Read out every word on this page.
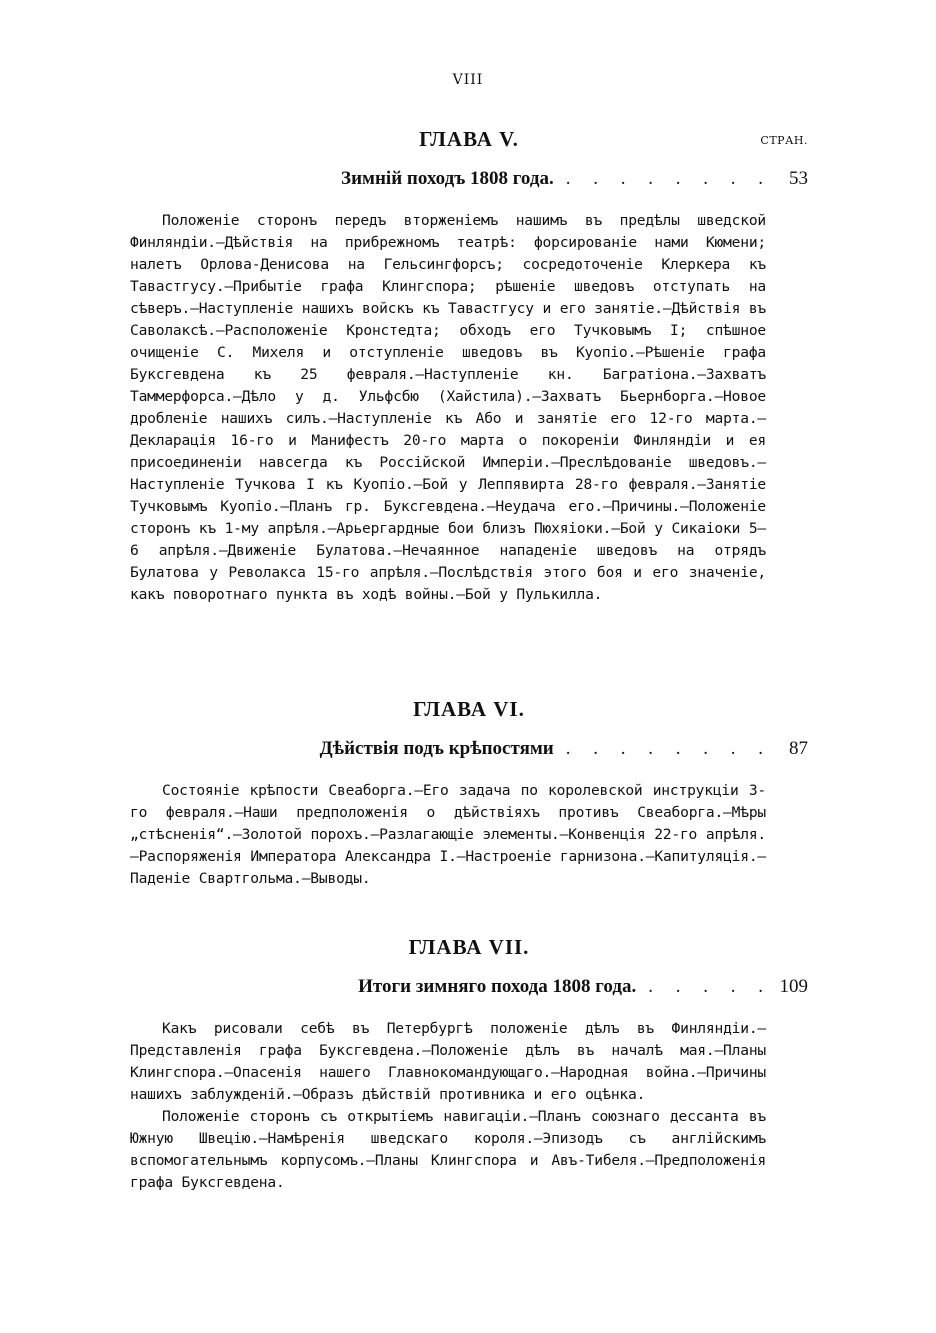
VIII
СТРАН.
ГЛАВА V.
Зимній походъ 1808 года. . . . . . . . . 53

Положеніе сторонъ передъ вторженіемъ нашимъ въ предѣлы шведской Финляндіи.—Дѣйствія на прибрежномъ театрѣ: форсированіе нами Кюмени; налетъ Орлова-Денисова на Гельсингфорсъ; сосредоточеніе Клеркера къ Тавастгусу.—Прибытіе графа Клингспора; рѣшеніе шведовъ отступать на сѣверъ.—Наступленіе нашихъ войскъ къ Тавастгусу и его занятіе.—Дѣйствія въ Саволаксѣ.—Расположеніе Кронстедта; обходъ его Тучковымъ I; спѣшное очищеніе С. Михеля и отступленіе шведовъ въ Куопіо.—Рѣшеніе графа Буксгевдена къ 25 февраля.—Наступленіе кн. Багратіона.—Захватъ Таммерфорса.—Дѣло у д. Ульфсбю (Хайстила).—Захватъ Бьернборга.—Новое дробленіе нашихъ силъ.—Наступленіе къ Або и занятіе его 12-го марта.—Декларація 16-го и Манифестъ 20-го марта о покореніи Финляндіи и ея присоединеніи навсегда къ Россійской Имперіи.—Преслѣдованіе шведовъ.—Наступленіе Тучкова I къ Куопіо.—Бой у Леппявирта 28-го февраля.—Занятіе Тучковымъ Куопіо.—Планъ гр. Буксгевдена.—Неудача его.—Причины.—Положеніе сторонъ къ 1-му апрѣля.—Арьергардные бои близъ Пюхяіоки.—Бой у Сикаіоки 5—6 апрѣля.—Движеніе Булатова.—Нечаянное нападеніе шведовъ на отрядъ Булатова у Револакса 15-го апрѣля.—Послѣдствія этого боя и его значеніе, какъ поворотнаго пункта въ ходѣ войны.—Бой у Пулькилла.

ГЛАВА VI.
Дѣйствія подъ крѣпостями . . . . . . . . 87

Состояніе крѣпости Свеаборга.—Его задача по королевской инструкціи 3-го февраля.—Наши предположенія о дѣйствіяхъ противъ Свеаборга.—Мѣры „стѣсненія“.—Золотой порохъ.—Разлагающіе элементы.—Конвенція 22-го апрѣля.—Распоряженія Императора Александра I.—Настроеніе гарнизона.—Капитуляція.—Паденіе Свартгольма.—Выводы.

ГЛАВА VII.
Итоги зимняго похода 1808 года. . . . . . 109

Какъ рисовали себѣ въ Петербургѣ положеніе дѣлъ въ Финляндіи.—Представленія графа Буксгевдена.—Положеніе дѣлъ въ началѣ мая.—Планы Клингспора.—Опасенія нашего Главнокомандующаго.—Народная война.—Причины нашихъ заблужденій.—Образъ дѣйствій противника и его оцѣнка.

Положеніе сторонъ съ открытіемъ навигаціи.—Планъ союзнаго дессанта въ Южную Швецію.—Намѣренія шведскаго короля.—Эпизодъ съ англійскимъ вспомогательнымъ корпусомъ.—Планы Клингспора и Авъ-Тибеля.—Предположенія графа Буксгевдена.
